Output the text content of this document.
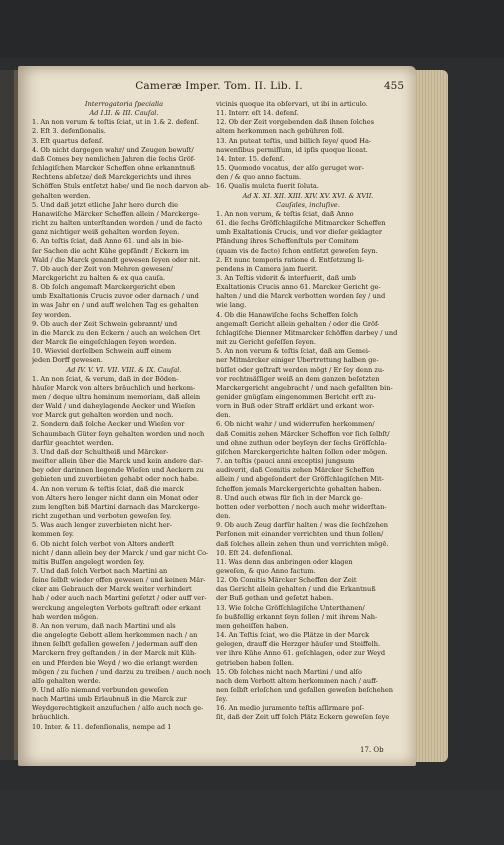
Cameræ Imper. Tom. II. Lib. I.	455

Interrogatoria ſpecialia

Ad I.II. & III. Cauſal.

1. An non verum & teſtis ſciat, ut in 1.& 2. defenſ.

2. Eſt 3. defenſionalis.

3. Eſt quartus defenſ.

4. Ob nicht dargegen wahr/ und Zeugen bewuſt/

daß Comes bey nemlichen Jahren die ſechs Gröf-

ſchlagiſchen Marcker Scheffen ohne erkanntnuß

Rechtens abſetze/ deß Marckgerichts und ihres

Schöffen Stuls entſetzt habe/ und ſie noch darvon ab-

gehalten werden.

5. Und daß jetzt etliche Jahr hero durch die

Hanawiſche Märcker Scheffen allein / Marckerge-

richt zu halten unterſtanden worden / und de facto

ganz nichtiger weiß gehalten worden ſeyen.

6. An teſtis ſciat, daß Anno 61. und als in bie-

ſer Sachen die acht Kühe gepfändt / Eckern im

Wald / die Marck genandt gewesen ſeyen oder nit.

7. Ob auch der Zeit von Mehren gewesen/

Marckgericht zu halten & ex qua cauſa.

8. Ob ſolch angemaſt Marckergericht eben

umb Exaltationis Crucis zuvor oder darnach / und

in was Jahr en / und auff welchen Tag es gehalten

ſey worden.

9. Ob auch der Zeit Schwein gebrannt/ und

in die Marck zu den Eckern / auch an welchen Ort

der Marck ſie eingeſchlagen ſeyen worden.

10. Wieviel derſelben Schwein auff einem

jeden Dorff gewesen.

Ad IV. V. VI. VII. VIII. & IX. Cauſal.

1. An non ſciat, & verum, daß in der Böden-

häuſer Marck von alters bräuchlich und herkom-

men / deque ultra hominum memoriam, daß allein

der Wald / und daheylagende Aecker und Wieſen

vor Marck gut gehalten worden und noch.

2. Sondern daß ſolche Aecker und Wieſen vor

Schaumbach Güter ſeyn gehalten worden und noch

darfür geachtet werden.

3. Und daß der Schultheiß und Märcker-

meiſter allein über die Marck und kein andere dar-

bey oder darinnen liegende Wieſen und Aeckern zu

gebieten und zuverbieten gehabt oder noch habe.

4. An non verum & teſtis ſciat, daß die marck

von Alters hero lenger nicht dann ein Monat oder

zum lengſten biß Martini darnach das Marckerge-

richt zugethan und verboten geweſen ſey.

5. Was auch lenger zuverbieten nicht her-

kommen ſey.

6. Ob nicht ſolch verbot von Alters anderſt

nicht / dann allein bey der Marck / und gar nicht Co-

mitis Buſſen angelegt worden ſey.

7. Und daß ſolch Verbot nach Martini an

ſeine ſelbſt wieder offen gewesen / und keinen Mär-

cker am Gebrauch der Marck weiter verhindert

hab / oder auch nach Martini geſetzt / oder auff ver-

werckung angelegten Verbots geſtraft oder erkant

hab werden mögen.

8. An non verum, daß nach Martini und als

die angelegte Gebott allem herkommen nach / an

ihnen ſelbſt gefallen geweſen / jederman auff den

Marckern frey geſtanden / in der Marck mit Küh-

en und Pferden bie Weyd / wo die erlangt werden

mögen / zu ſuchen / und darzu zu treiben / auch noch

alſo gehalten werde.

9. Und alſo niemand verbunden geweſen

nach Martini umb Erlaubnuß in die Marck zur

Weydgerechtigkeit anzuſuchen / alſo auch noch ge-

bräuchlich.

10. Inter. & 11. defenſionalis, nempe ad 1

vicinis quoque ita obſervari, ut ibi in articulo.

11. Interr. eſt 14. defenſ.

12. Ob der Zeit vorgebenden daß ihnen ſolches

altem herkommen nach gebühren ſoll.

13. An puteat teſtis, und billich ſeye/ quod Ha-

nawenſibus permiſſum, id ipſis quoque liceat.

14. Inter. 15. defenſ.

15. Quomodo vocatus, der alſo geruget wor-

den / & quo anno factum.

16. Qualis mulcta fuerit ſoluta.

Ad X. XI. XII. XIII. XIV. XV. XVI. & XVII.

Cauſales, incluſive.

1. An non verum, & teſtis ſciat, daß Anno

61. die ſechs Gröfſchlagiſche Mitmarcker Scheffen

umb Exaltationis Crucis, und vor dieſer geklagter

Pfändung ihres Scheffenſtuls per Comitem

(quam vis de facto) ſchon entſetzt geweſen ſeyn.

2. Et nunc temporis ratione d. Entſetzung li-

pendens in Camera jam fuerit.

3. An Teſtis viderit & interfuerit, daß umb

Exaltationis Crucis anno 61. Marcker Gericht ge-

halten / und die Marck verbotten worden ſey / und

wie lang.

4. Ob die Hanawiſche ſechs Scheffen ſolch

angemaſt Gericht allein gehalten / oder die Gröf-

ſchlagiſche Dienner Mitmarcker ſchöffen darbey / und

mit zu Gericht geſeſſen ſeyen.

5. An non verum & teſtis ſciat, daß am Gemei-

ner Mitmärcker einiger Ubertrettung halben ge-

büſſet oder geſtraft werden mögt / Er ſey denn zu-

vor rechtmäſſiger weiß an dem ganzen beſetzten

Marckergericht angebracht / und nach gefallten bin-

genider gnügſam eingenommen Bericht erſt zu-

vorn in Buß oder Straff erklärt und erkant wor-

den.

6. Ob nicht wahr / und widerrufen herkommen/

daß Comitis zehen Märcker Scheffen vor ſich ſelbſt/

und ohne zuthun oder beyſeyn der ſechs Gröfſchla-

giſchen Marckergerichte halten ſollen oder mögen.

7. an teſtis (pauci anni exceptis) jungsum

audiverit, daß Comitis zehen Märcker Scheffen

allein / und abgeſondert der Gröfſchlagiſchen Mit-

ſcheffen jemals Marckergerichte gehalten haben.

8. Und auch etwas für ſich in der Marck ge-

botten oder verbotten / noch auch mehr widerſtan-

den.

9. Ob auch Zeug darfür halten / was die ſechſzehen

Perſonen mit einander verrichten und thun ſollen/

daß ſolches allein zehen thun und verrichten mögē.

10. Eſt 24. defenſional.

11. Was denn das anbringen oder klagen

geweſen, & quo Anno factum.

12. Ob Comitis Märcker Scheffen der Zeit

das Gericht allein gehalten / und die Erkantnuß

der Buß gethan und geſetzt haben.

13. Wie ſolche Gröfſchlagiſche Unterthanen/

ſo bußfellig erkannt ſeyn ſollen / mit ihrem Nah-

men geheiſſen haben.

14. An Teſtis ſciat, wo die Plätze in der Marck

gelegen, drauff die Herzger häuſer und Steiffelh.

ver ihre Kühe Anno 61. geſchlagen, oder zur Weyd

getrieben haben ſollen.

15. Ob ſolches nicht nach Martini / und alſo

nach dem Verbott altem herkommen nach / auff-

nen ſelbſt erloſchen und gefallen geweſen beſchehen

ſey.

16. An medio juramento teſtis aſſirmare poſ-

ſit, daß der Zeit uff ſolch Plätz Eckern geweſen ſeye

17. Ob
